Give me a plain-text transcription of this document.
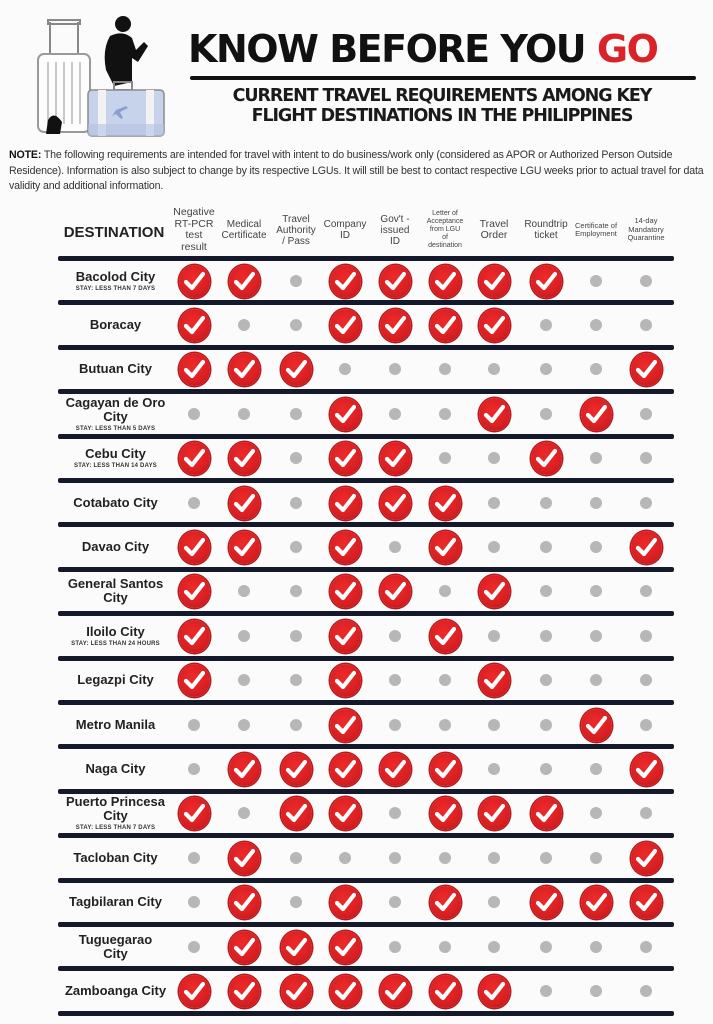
KNOW BEFORE YOU GO
CURRENT TRAVEL REQUIREMENTS AMONG KEY
FLIGHT DESTINATIONS IN THE PHILIPPINES
NOTE: The following requirements are intended for travel with intent to do business/work only (considered as APOR or Authorized Person Outside Residence). Information is also subject to change by its respective LGUs. It will still be best to contact respective LGU weeks prior to actual travel for data validity and additional information.
DESTINATION
Negative
RT-PCR
test
result
Medical
Certificate
Travel
Authority
/ Pass
Company
ID
Gov't -
issued
ID
Letter of
Acceptance
from LGU
of
destination
Travel
Order
Roundtrip
ticket
Certificate of
Employment
14-day
Mandatory
Quarantine
Bacolod City
STAY: LESS THAN 7 DAYS
Boracay
Butuan City
Cagayan de Oro City
STAY: LESS THAN 5 DAYS
Cebu City
STAY: LESS THAN 14 DAYS
Cotabato City
Davao City
General Santos City
Iloilo City
STAY: LESS THAN 24 HOURS
Legazpi City
Metro Manila
Naga City
Puerto Princesa City
STAY: LESS THAN 7 DAYS
Tacloban City
Tagbilaran City
Tuguegarao City
Zamboanga City
